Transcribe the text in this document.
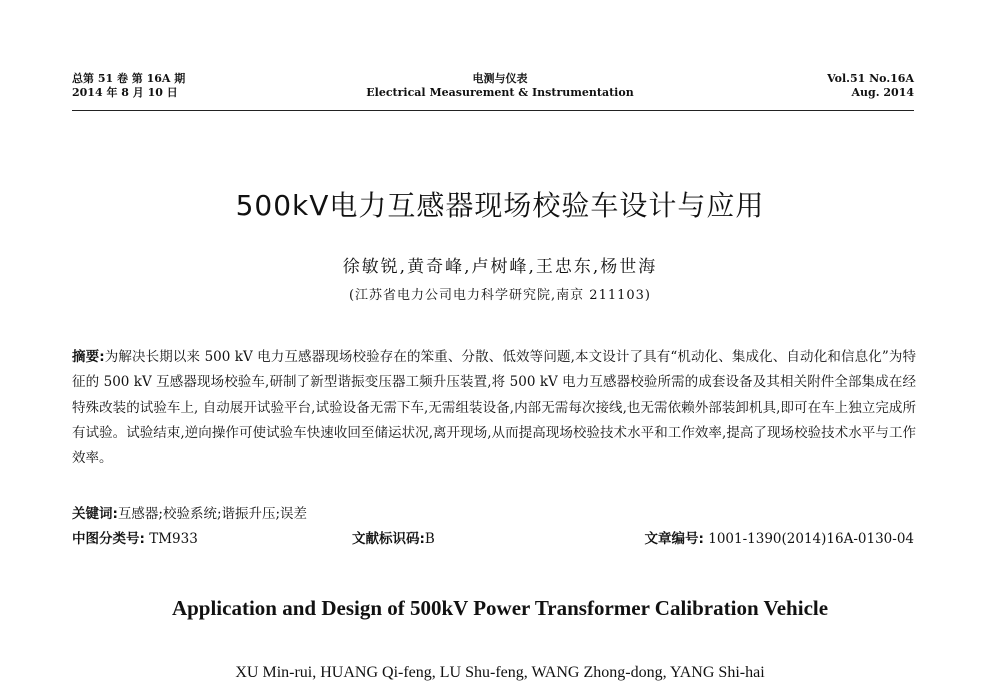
总第 51 卷 第 16A 期
2014 年 8 月 10 日
电测与仪表
Electrical Measurement & Instrumentation
Vol.51 No.16A
Aug. 2014
500kV电力互感器现场校验车设计与应用
徐敏锐,黄奇峰,卢树峰,王忠东,杨世海
(江苏省电力公司电力科学研究院,南京 211103)
摘要:为解决长期以来 500 kV 电力互感器现场校验存在的笨重、分散、低效等问题,本文设计了具有“机动化、集成化、自动化和信息化”为特征的 500 kV 互感器现场校验车,研制了新型谐振变压器工频升压装置,将 500 kV 电力互感器校验所需的成套设备及其相关附件全部集成在经特殊改装的试验车上, 自动展开试验平台,试验设备无需下车,无需组装设备,内部无需每次接线,也无需依赖外部装卸机具,即可在车上独立完成所有试验。试验结束,逆向操作可使试验车快速收回至储运状况,离开现场,从而提高现场校验技术水平和工作效率,提高了现场校验技术水平与工作效率。
关键词:互感器;校验系统;谐振升压;误差
中图分类号: TM933	文献标识码:B	文章编号: 1001-1390(2014)16A-0130-04
Application and Design of 500kV Power Transformer Calibration Vehicle
XU Min-rui, HUANG Qi-feng, LU Shu-feng, WANG Zhong-dong, YANG Shi-hai
